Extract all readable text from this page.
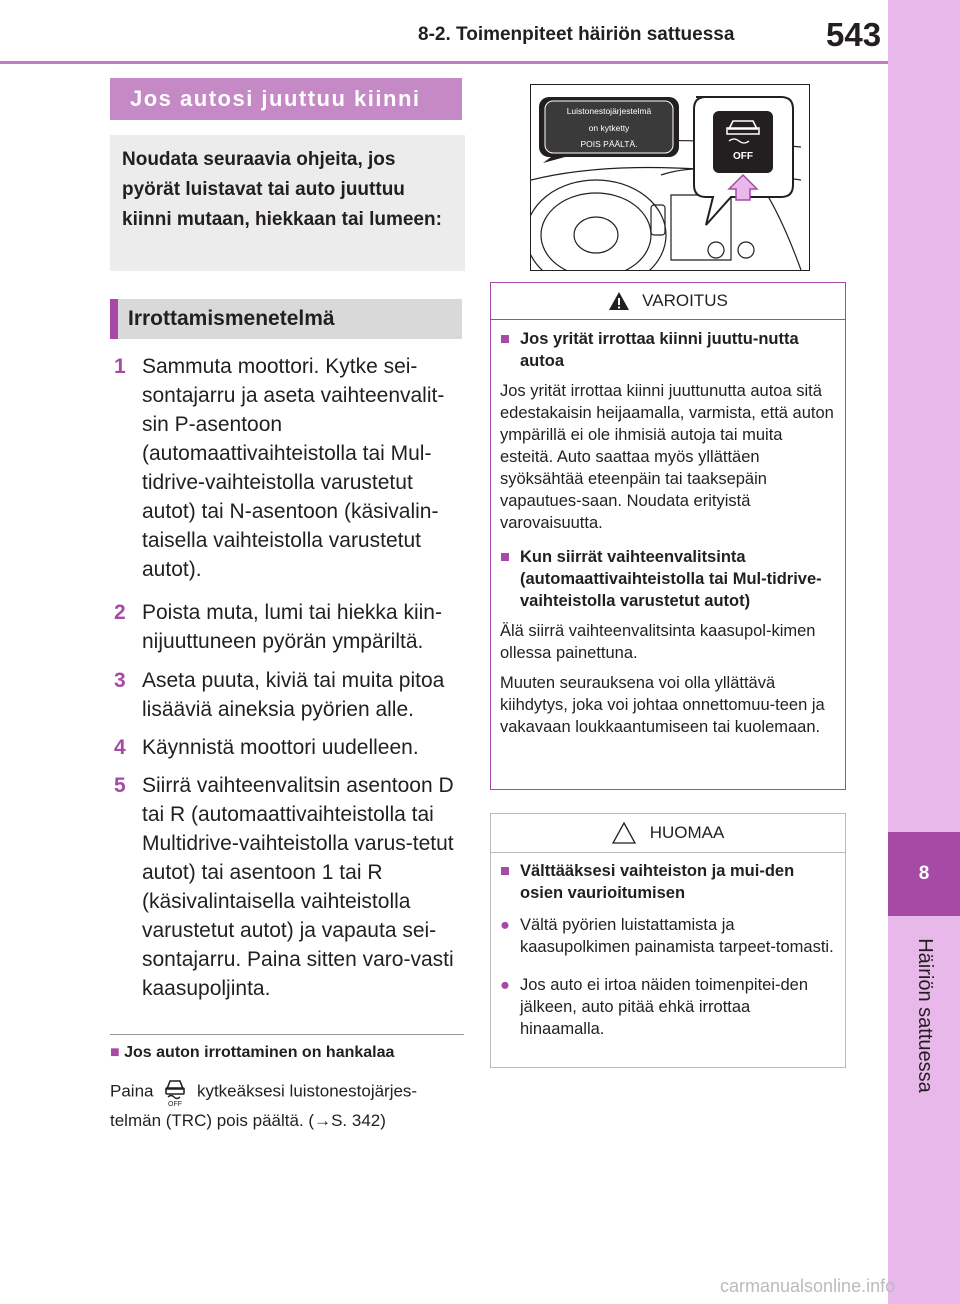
8-2. Toimenpiteet häiriön sattuessa	543
8
Häiriön sattuessa
Jos autosi juuttuu kiinni
Noudata seuraavia ohjeita, jos pyörät luistavat tai auto juuttuu kiinni mutaan, hiekkaan tai lumeen:
Irrottamismenetelmä
1 Sammuta moottori. Kytke sei-sontajarru ja aseta vaihteenvalit-sin P-asentoon (automaattivaihteistolla tai Mul-tidrive-vaihteistolla varustetut autot) tai N-asentoon (käsivalin-taisella vaihteistolla varustetut autot).
2 Poista muta, lumi tai hiekka kiin-nijuuttuneen pyörän ympäriltä.
3 Aseta puuta, kiviä tai muita pitoa lisääviä aineksia pyörien alle.
4 Käynnistä moottori uudelleen.
5 Siirrä vaihteenvalitsin asentoon D tai R (automaattivaihteistolla tai Multidrive-vaihteistolla varus-tetut autot) tai asentoon 1 tai R (käsivalintaisella vaihteistolla varustetut autot) ja vapauta sei-sontajarru. Paina sitten varo-vasti kaasupoljinta.
■ Jos auton irrottaminen on hankalaa
Paina
OFF
kytkeäksesi luistonestojärjes-telmän (TRC) pois päältä. (→S. 342)
Luistonestojärjestelmä
on kytketty
POIS PÄÄLTÄ.
OFF
VAROITUS
■ Jos yrität irrottaa kiinni juuttu-nutta autoa
Jos yrität irrottaa kiinni juuttunutta autoa sitä edestakaisin heijaamalla, varmista, että auton ympärillä ei ole ihmisiä autoja tai muita esteitä. Auto saattaa myös yllättäen syöksähtää eteenpäin tai taaksepäin vapautues-saan. Noudata erityistä varovaisuutta.
■ Kun siirrät vaihteenvalitsinta (automaattivaihteistolla tai Mul-tidrive-vaihteistolla varustetut autot)
Älä siirrä vaihteenvalitsinta kaasupol-kimen ollessa painettuna.
Muuten seurauksena voi olla yllättävä kiihdytys, joka voi johtaa onnettomuu-teen ja vakavaan loukkaantumiseen tai kuolemaan.
HUOMAA
■ Välttääksesi vaihteiston ja mui-den osien vaurioitumisen
● Vältä pyörien luistattamista ja kaasupolkimen painamista tarpeet-tomasti.
● Jos auto ei irtoa näiden toimenpitei-den jälkeen, auto pitää ehkä irrottaa hinaamalla.
carmanualsonline.info
